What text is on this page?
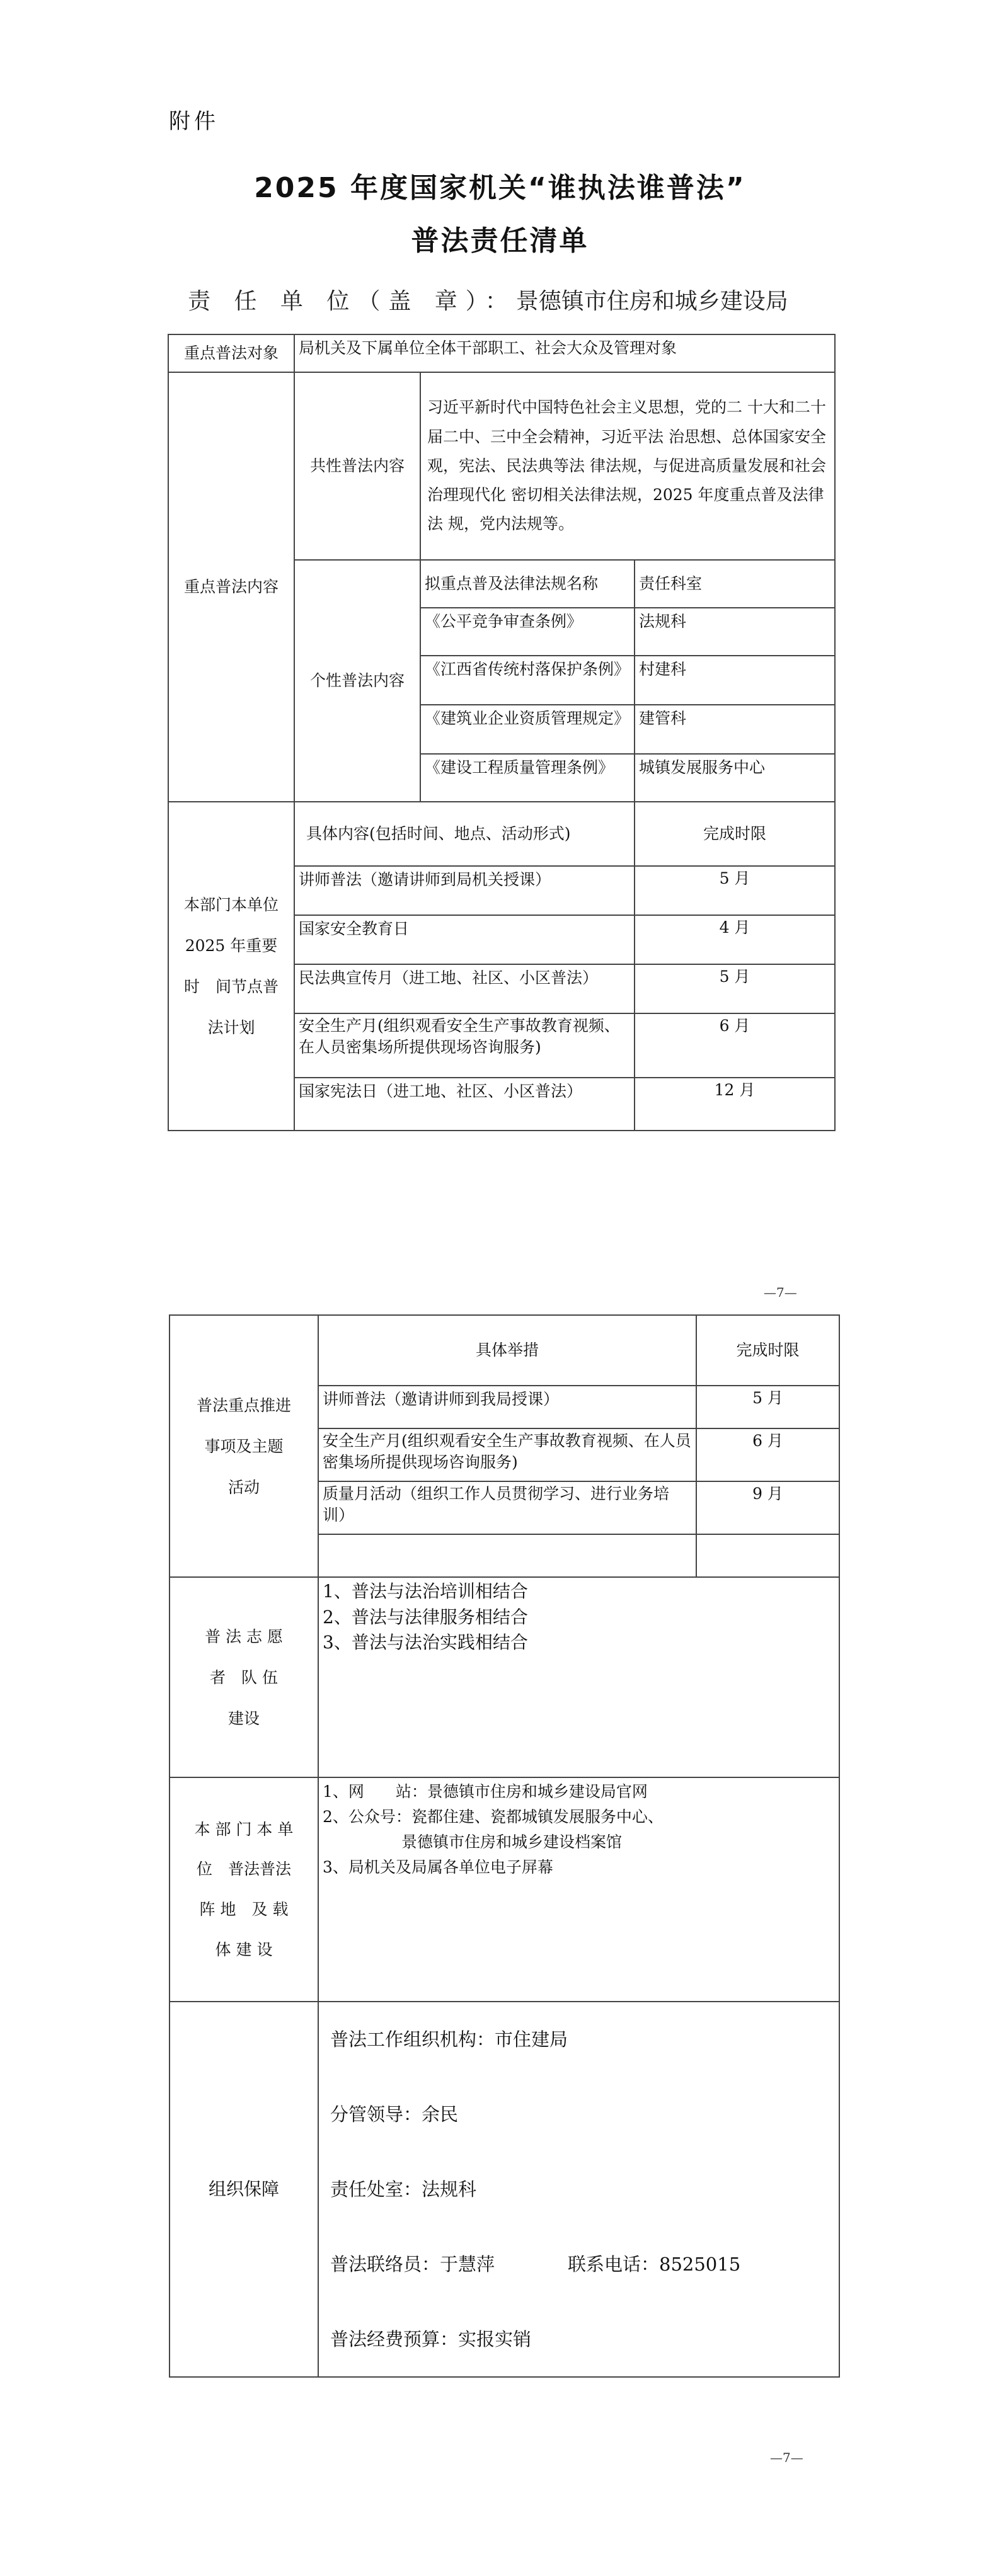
附件
2025 年度国家机关“谁执法谁普法”
普法责任清单
责 任 单 位（盖 章）：景德镇市住房和城乡建设局
重点普法对象	局机关及下属单位全体干部职工、社会大众及管理对象		
重点普法内容	共性普法内容	习近平新时代中国特色社会主义思想，党的二 十大和二十届二中、三中全会精神，习近平法 治思想、总体国家安全观，宪法、民法典等法 律法规，与促进高质量发展和社会治理现代化 密切相关法律法规，2025 年度重点普及法律法 规，党内法规等。	
	个性普法内容	拟重点普及法律法规名称	责任科室
		《公平竞争审查条例》	法规科
		《江西省传统村落保护条例》	村建科
		《建筑业企业资质管理规定》	建管科
		《建设工程质量管理条例》	城镇发展服务中心

本部门本单位
2025 年重要
时　间节点普
法计划	具体内容(包括时间、地点、活动形式)		完成时限
	讲师普法（邀请讲师到局机关授课）		5 月
	国家安全教育日		4 月
	民法典宣传月（进工地、社区、小区普法）		5 月
	安全生产月(组织观看安全生产事故教育视频、在人员密集场所提供现场咨询服务)		6 月
	国家宪法日（进工地、社区、小区普法）		12 月
—7—
普法重点推进
事项及主题
活动	具体举措	完成时限
	讲师普法（邀请讲师到我局授课）	5 月
	安全生产月(组织观看安全生产事故教育视频、在人员密集场所提供现场咨询服务)	6 月
	质量月活动（组织工作人员贯彻学习、进行业务培训）	9 月

普 法 志 愿
者　队 伍
建设	1、普法与法治培训相结合
2、普法与法律服务相结合
3、普法与法治实践相结合	

本 部 门 本 单
位　普法普法
阵 地　及 载
体 建 设	1、网　　站：景德镇市住房和城乡建设局官网
2、公众号：瓷都住建、瓷都城镇发展服务中心、
　　　　　景德镇市住房和城乡建设档案馆
3、局机关及局属各单位电子屏幕	

组织保障	普法工作组织机构：市住建局
分管领导：余民
责任处室：法规科
普法联络员：于慧萍　　　　联系电话：8525015
普法经费预算：实报实销	
—7—
